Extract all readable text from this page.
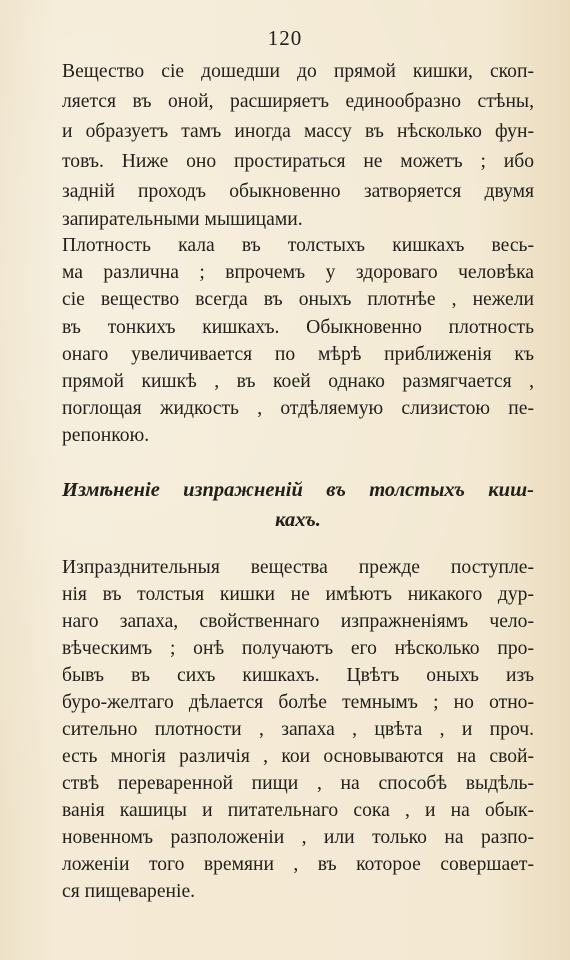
120
Вещество сіе дошедши до прямой кишки, скоп-
ляется въ оной, расширяетъ единообразно стѣны,
и образуетъ тамъ иногда массу въ нѣсколько фун-
товъ. Ниже оно простираться не можетъ ; ибо
задній проходъ обыкновенно затворяется двумя
запирательными мышицами.
Плотность кала въ толстыхъ кишкахъ весь-
ма различна ; впрочемъ у здороваго человѣка
сіе вещество всегда въ оныхъ плотнѣе , нежели
въ тонкихъ кишкахъ. Обыкновенно плотность
онаго увеличивается по мѣрѣ приближенія къ
прямой кишкѣ , въ коей однако размягчается ,
поглощая жидкость , отдѣляемую слизистою пе-
репонкою.
Измѣненіе изпражненій въ толстыхъ киш-
кахъ.
Изпразднительныя вещества прежде поступле-
нія въ толстыя кишки не имѣютъ никакого дур-
наго запаха, свойственнаго изпражненіямъ чело-
вѣческимъ ; онѣ получаютъ его нѣсколько про-
бывъ въ сихъ кишкахъ. Цвѣтъ оныхъ изъ
буро-желтаго дѣлается болѣе темнымъ ; но отно-
сительно плотности , запаха , цвѣта , и проч.
есть многія различія , кои основываются на свой-
ствѣ переваренной пищи , на способѣ выдѣль-
ванія кашицы и питательнаго сока , и на обык-
новенномъ разположеніи , или только на разпо-
ложеніи того времяни , въ которое совершает-
ся пищевареніе.
